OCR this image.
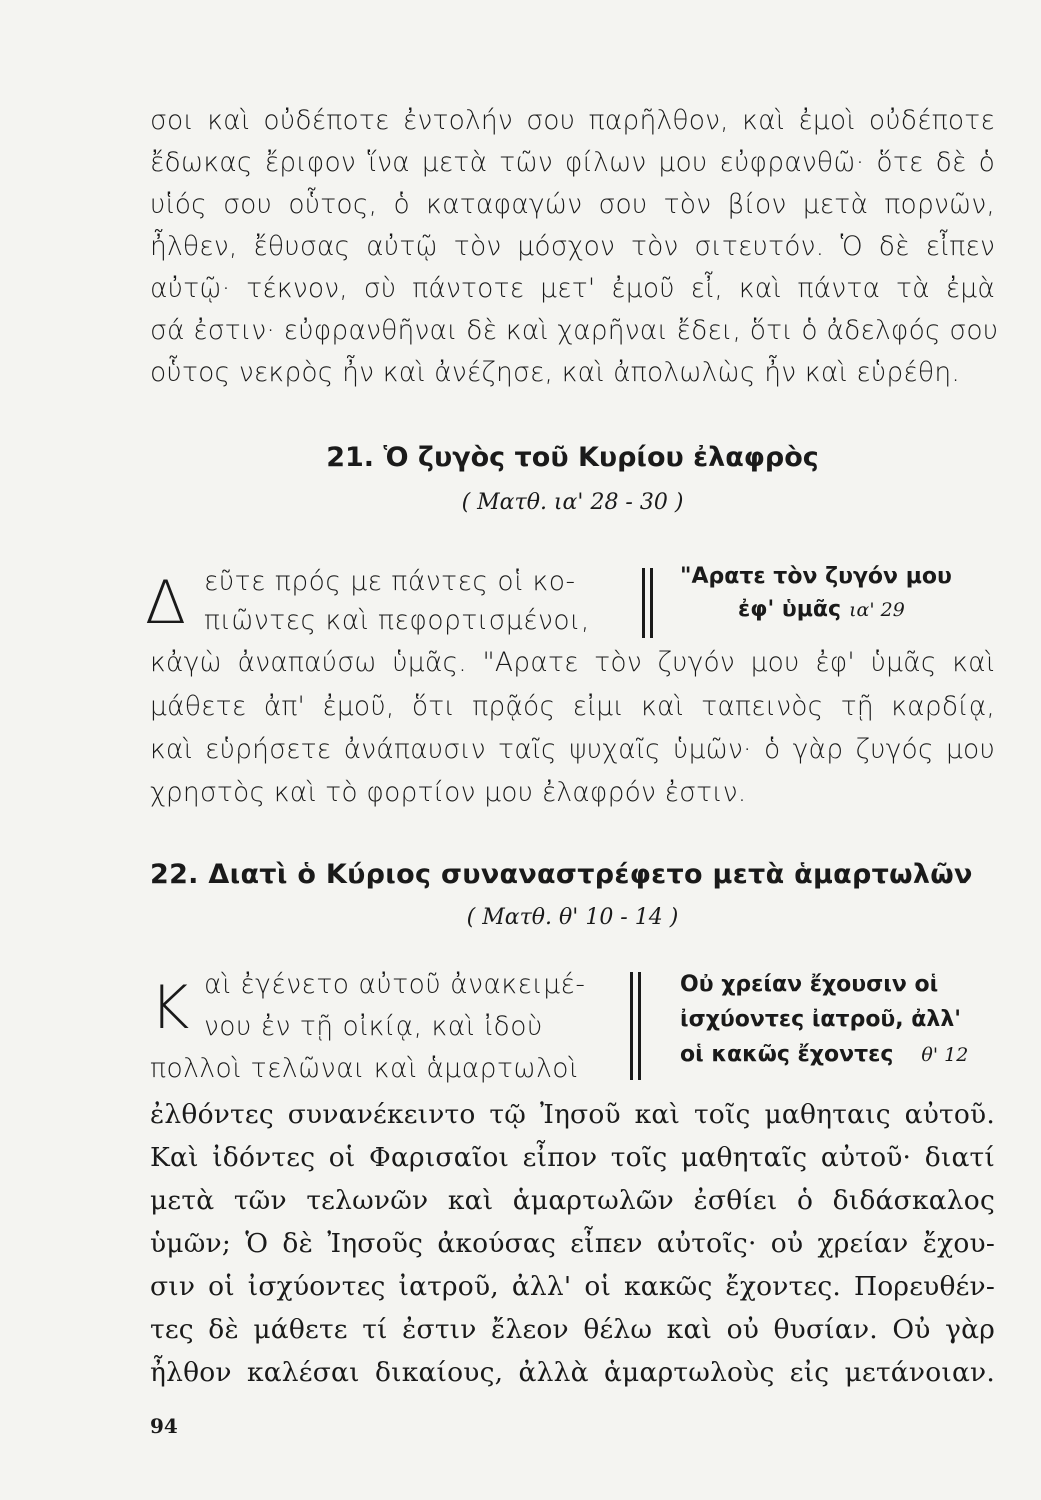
σοι καὶ οὐδέποτε ἐντολήν σου παρῆλθον, καὶ ἐμοὶ οὐδέποτε
ἔδωκας ἔριφον ἵνα μετὰ τῶν φίλων μου εὐφρανθῶ· ὅτε δὲ ὁ
υἱός σου οὗτος, ὁ καταφαγών σου τὸν βίον μετὰ πορνῶν,
ἦλθεν, ἔθυσας αὐτῷ τὸν μόσχον τὸν σιτευτόν. Ὁ δὲ εἶπεν
αὐτῷ· τέκνον, σὺ πάντοτε μετ' ἐμοῦ εἶ, καὶ πάντα τὰ ἐμὰ
σά ἐστιν· εὐφρανθῆναι δὲ καὶ χαρῆναι ἔδει, ὅτι ὁ ἀδελφός σου
οὗτος νεκρὸς ἦν καὶ ἀνέζησε, καὶ ἀπολωλὼς ἦν καὶ εὑρέθη.
21. Ὁ ζυγὸς τοῦ Κυρίου ἐλαφρὸς
( Ματθ. ια' 28 - 30 )
Δ εῦτε πρός με πάντες οἱ κο-
πιῶντες καὶ πεφορτισμένοι,
"Αρατε τὸν ζυγόν μου
ἐφ' ὑμᾶς ια' 29
κἀγὼ ἀναπαύσω ὑμᾶς. "Αρατε τὸν ζυγόν μου ἐφ' ὑμᾶς καὶ
μάθετε ἀπ' ἐμοῦ, ὅτι πρᾷός εἰμι καὶ ταπεινὸς τῇ καρδίᾳ,
καὶ εὑρήσετε ἀνάπαυσιν ταῖς ψυχαῖς ὑμῶν· ὁ γὰρ ζυγός μου
χρηστὸς καὶ τὸ φορτίον μου ἐλαφρόν ἐστιν.
22. Διατὶ ὁ Κύριος συναναστρέφετο μετὰ ἁμαρτωλῶν
( Ματθ. θ' 10 - 14 )
Κ αὶ ἐγένετο αὐτοῦ ἀνακειμέ-
νου ἐν τῇ οἰκίᾳ, καὶ ἰδοὺ
πολλοὶ τελῶναι καὶ ἁμαρτωλοὶ
Οὐ χρείαν ἔχουσιν οἱ
ἰσχύοντες ἰατροῦ, ἀλλ'
οἱ κακῶς ἔχοντες θ' 12
ἐλθόντες συνανέκειντο τῷ Ἰησοῦ καὶ τοῖς μαθηταις αὐτοῦ.
Καὶ ἰδόντες οἱ Φαρισαῖοι εἶπον τοῖς μαθηταῖς αὐτοῦ· διατί
μετὰ τῶν τελωνῶν καὶ ἁμαρτωλῶν ἐσθίει ὁ διδάσκαλος
ὑμῶν; Ὁ δὲ Ἰησοῦς ἀκούσας εἶπεν αὐτοῖς· οὐ χρείαν ἔχου-
σιν οἱ ἰσχύοντες ἰατροῦ, ἀλλ' οἱ κακῶς ἔχοντες. Πορευθέν-
τες δὲ μάθετε τί ἐστιν ἔλεον θέλω καὶ οὐ θυσίαν. Οὐ γὰρ
ἦλθον καλέσαι δικαίους, ἀλλὰ ἁμαρτωλοὺς εἰς μετάνοιαν.
94
